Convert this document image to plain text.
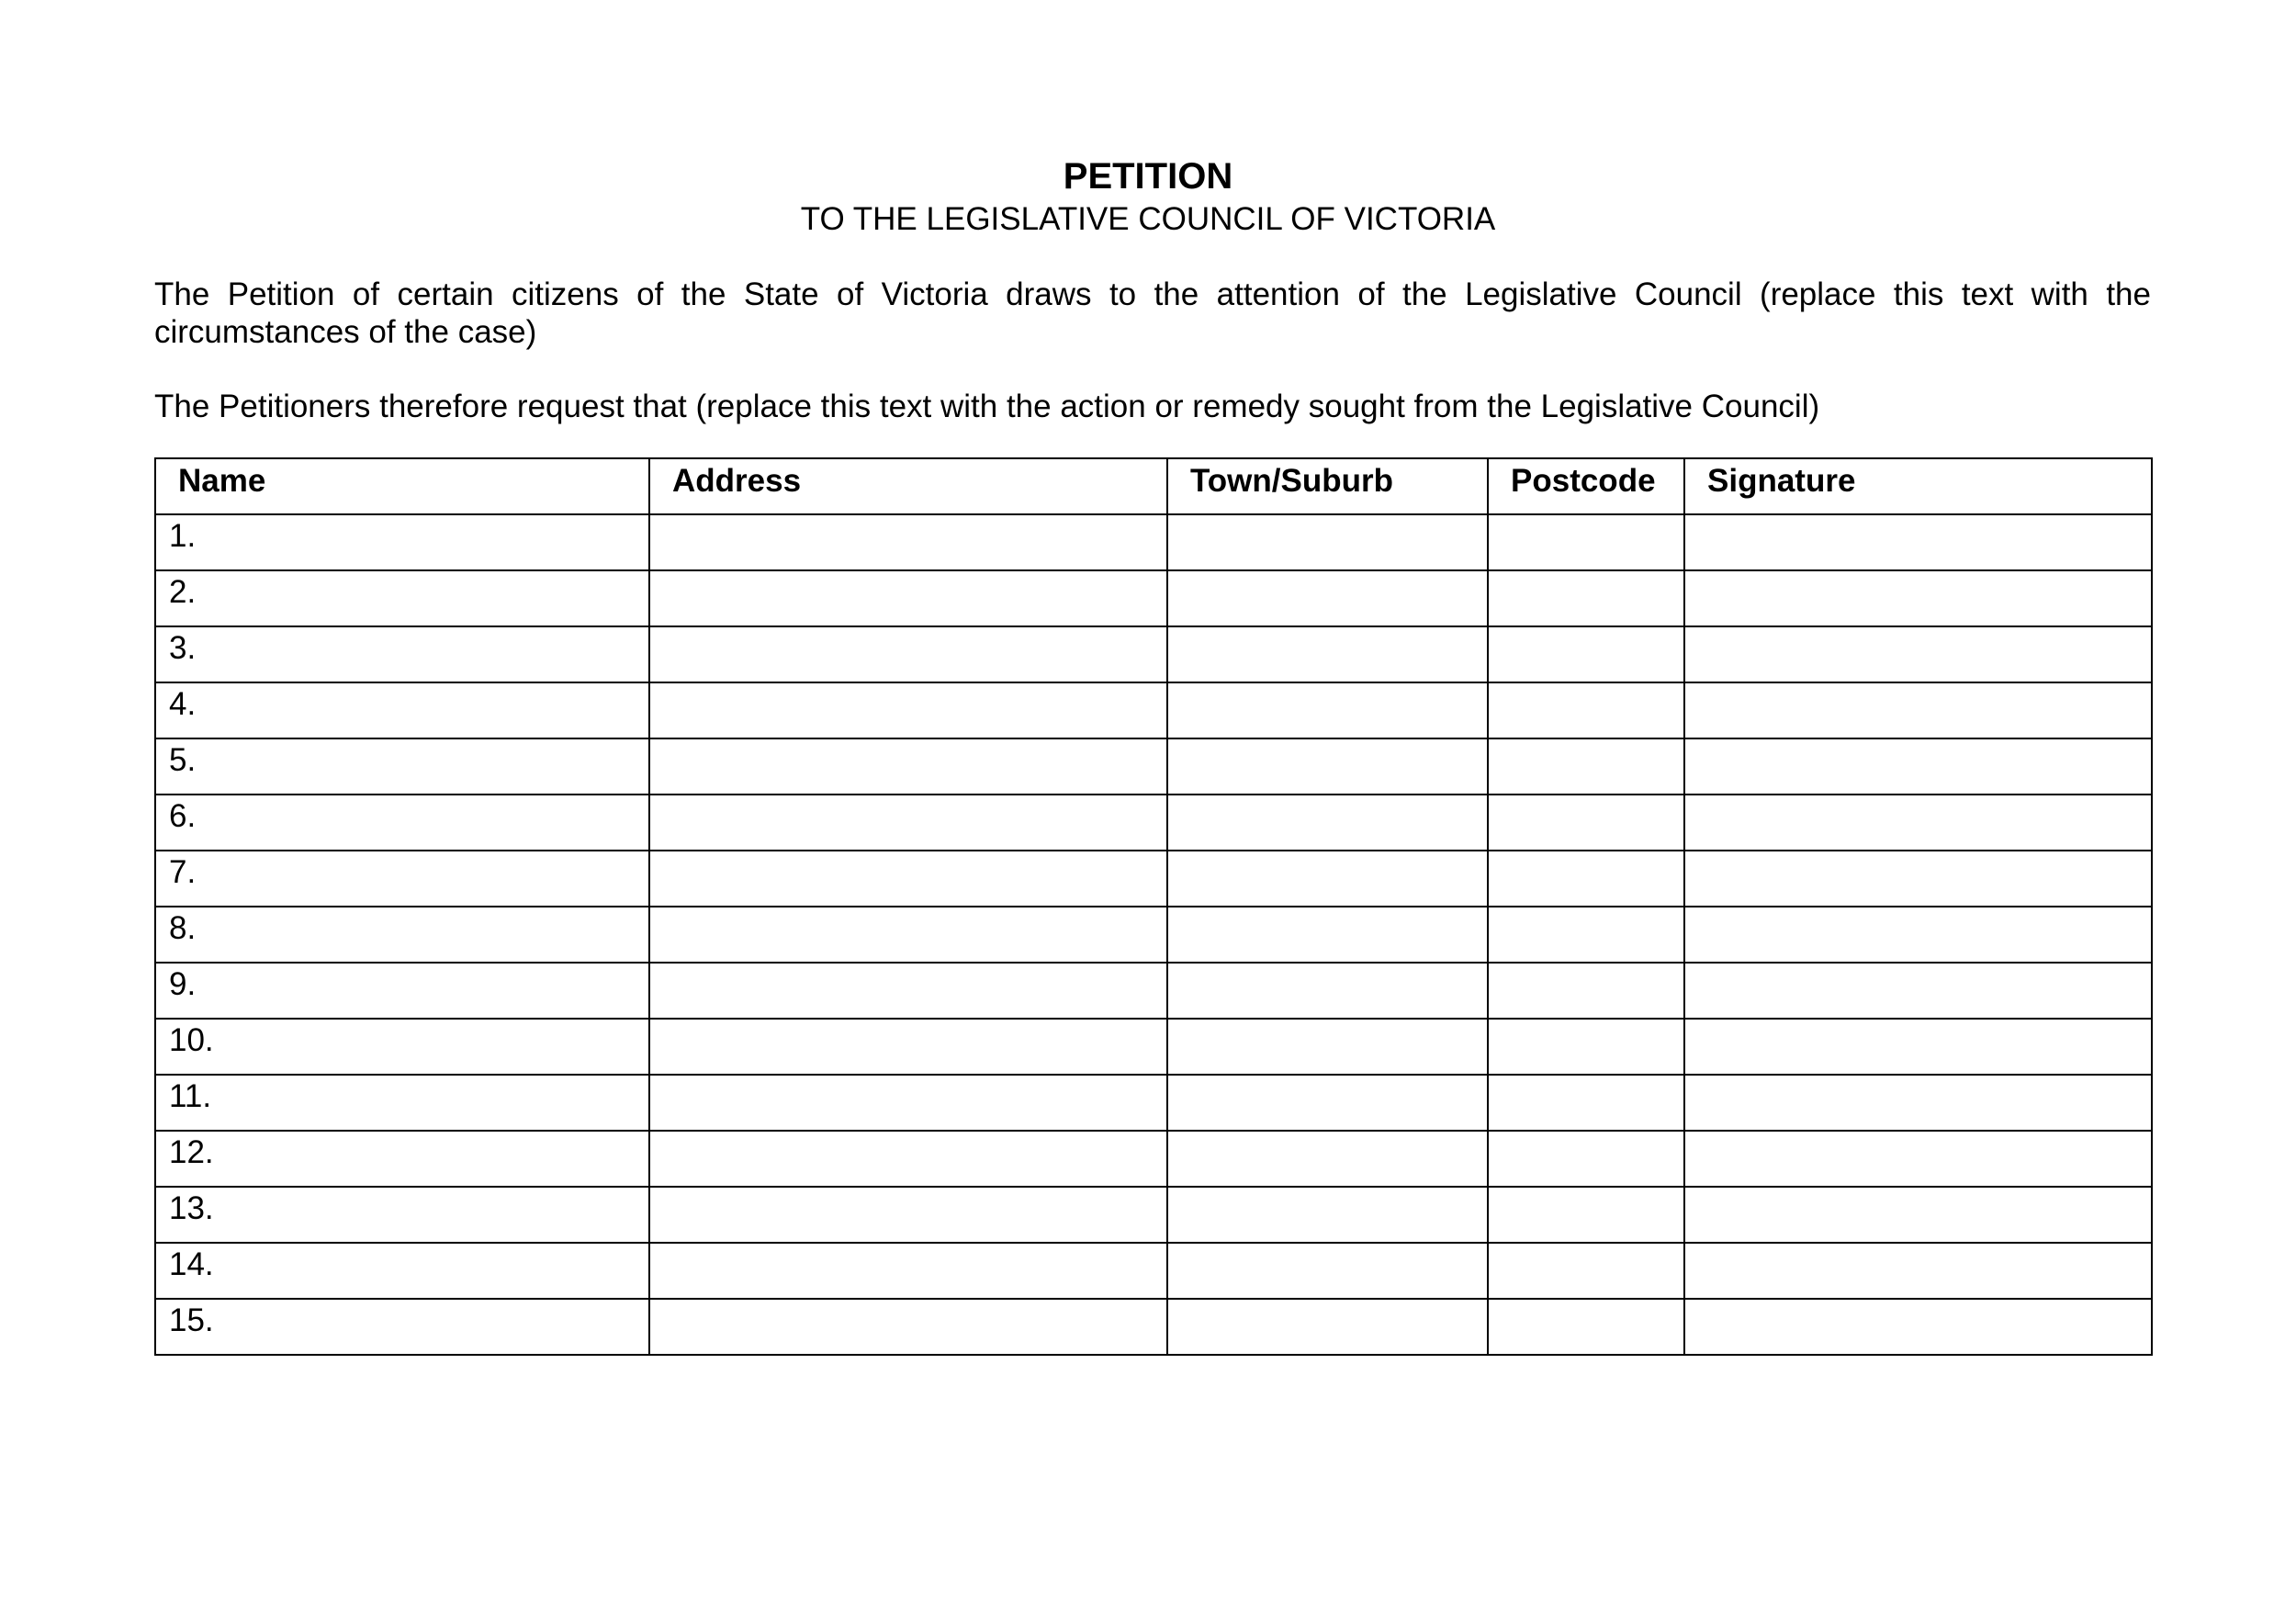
PETITION
TO THE LEGISLATIVE COUNCIL OF VICTORIA
The Petition of certain citizens of the State of Victoria draws to the attention of the Legislative Council (replace this text with the circumstances of the case)
The Petitioners therefore request that (replace this text with the action or remedy sought from the Legislative Council)
Name	Address	Town/Suburb	Postcode	Signature
1.				
2.				
3.				
4.				
5.				
6.				
7.				
8.				
9.				
10.				
11.				
12.				
13.				
14.				
15.				
